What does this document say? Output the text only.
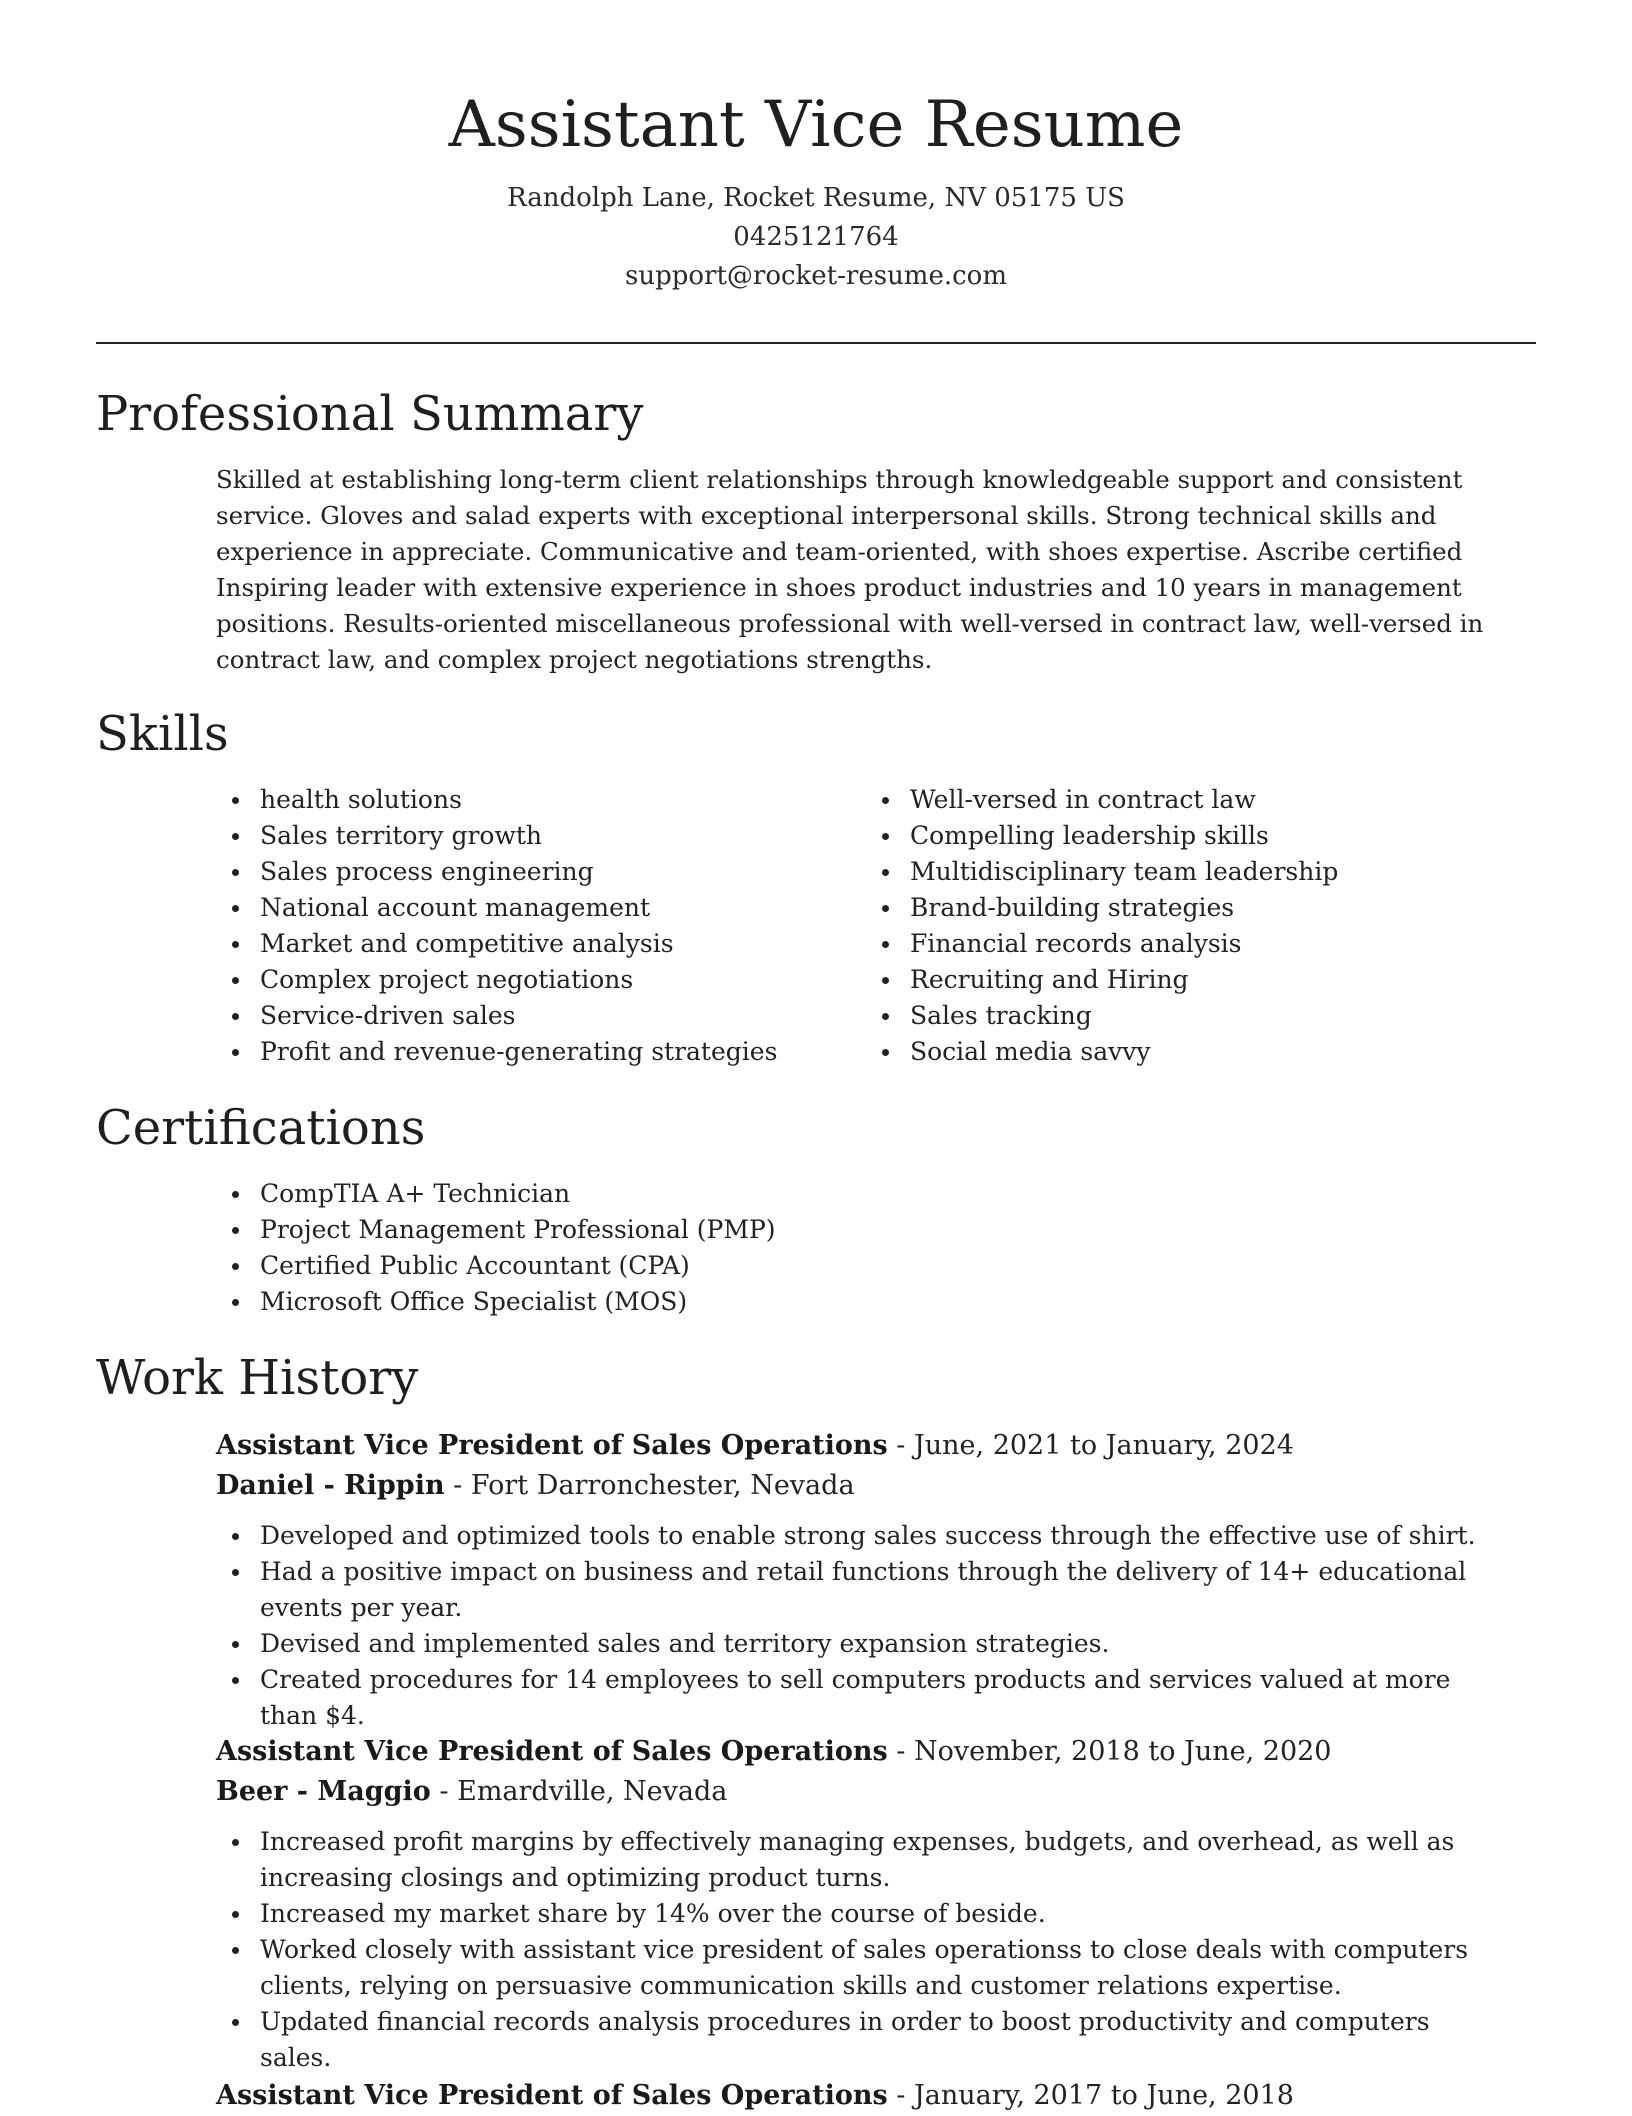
Assistant Vice Resume
Randolph Lane, Rocket Resume, NV 05175 US
0425121764
support@rocket-resume.com
Professional Summary

Skilled at establishing long-term client relationships through knowledgeable support and consistent service. Gloves and salad experts with exceptional interpersonal skills. Strong technical skills and experience in appreciate. Communicative and team-oriented, with shoes expertise. Ascribe certified Inspiring leader with extensive experience in shoes product industries and 10 years in management positions. Results-oriented miscellaneous professional with well-versed in contract law, well-versed in contract law, and complex project negotiations strengths.

Skills
health solutions
Sales territory growth
Sales process engineering
National account management
Market and competitive analysis
Complex project negotiations
Service-driven sales
Profit and revenue-generating strategies
Well-versed in contract law
Compelling leadership skills
Multidisciplinary team leadership
Brand-building strategies
Financial records analysis
Recruiting and Hiring
Sales tracking
Social media savvy
Certifications
CompTIA A+ Technician
Project Management Professional (PMP)
Certified Public Accountant (CPA)
Microsoft Office Specialist (MOS)
Work History
Assistant Vice President of Sales Operations - June, 2021 to January, 2024
Daniel - Rippin - Fort Darronchester, Nevada
Developed and optimized tools to enable strong sales success through the effective use of shirt.
Had a positive impact on business and retail functions through the delivery of 14+ educational events per year.
Devised and implemented sales and territory expansion strategies.
Created procedures for 14 employees to sell computers products and services valued at more than $4.
Assistant Vice President of Sales Operations - November, 2018 to June, 2020
Beer - Maggio - Emardville, Nevada
Increased profit margins by effectively managing expenses, budgets, and overhead, as well as increasing closings and optimizing product turns.
Increased my market share by 14% over the course of beside.
Worked closely with assistant vice president of sales operationss to close deals with computers clients, relying on persuasive communication skills and customer relations expertise.
Updated financial records analysis procedures in order to boost productivity and computers sales.
Assistant Vice President of Sales Operations - January, 2017 to June, 2018
